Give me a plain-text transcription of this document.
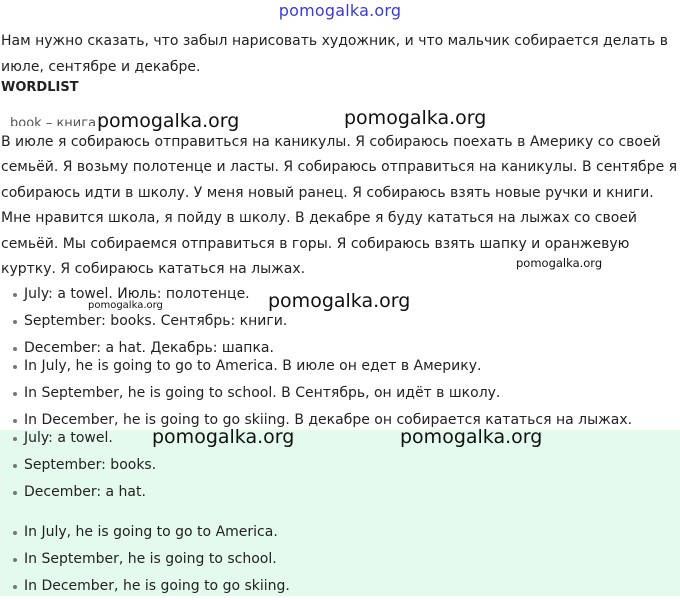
pomogalka.org
Нам нужно сказать, что забыл нарисовать художник, и что мальчик собирается делать в июле, сентябре и декабре.
WORDLIST
book – книга
В июле я собираюсь отправиться на каникулы. Я собираюсь поехать в Америку со своей семьёй. Я возьму полотенце и ласты. Я собираюсь отправиться на каникулы. В сентябре я собираюсь идти в школу. У меня новый ранец. Я собираюсь взять новые ручки и книги. Мне нравится школа, я пойду в школу. В декабре я буду кататься на лыжах со своей семьёй. Мы собираемся отправиться в горы. Я собираюсь взять шапку и оранжевую куртку. Я собираюсь кататься на лыжах.
July: a towel. Июль: полотенце.
September: books. Сентябрь: книги.
December: a hat. Декабрь: шапка.
In July, he is going to go to America. В июле он едет в Америку.
In September, he is going to school. В Сентябрь, он идёт в школу.
In December, he is going to go skiing. В декабре он собирается кататься на лыжах.
July: a towel.
September: books.
December: a hat.
In July, he is going to go to America.
In September, he is going to school.
In December, he is going to go skiing.
pomogalka.org	pomogalka.org
pomogalka.org
pomogalka.org
pomogalka.org
pomogalka.org	pomogalka.org
